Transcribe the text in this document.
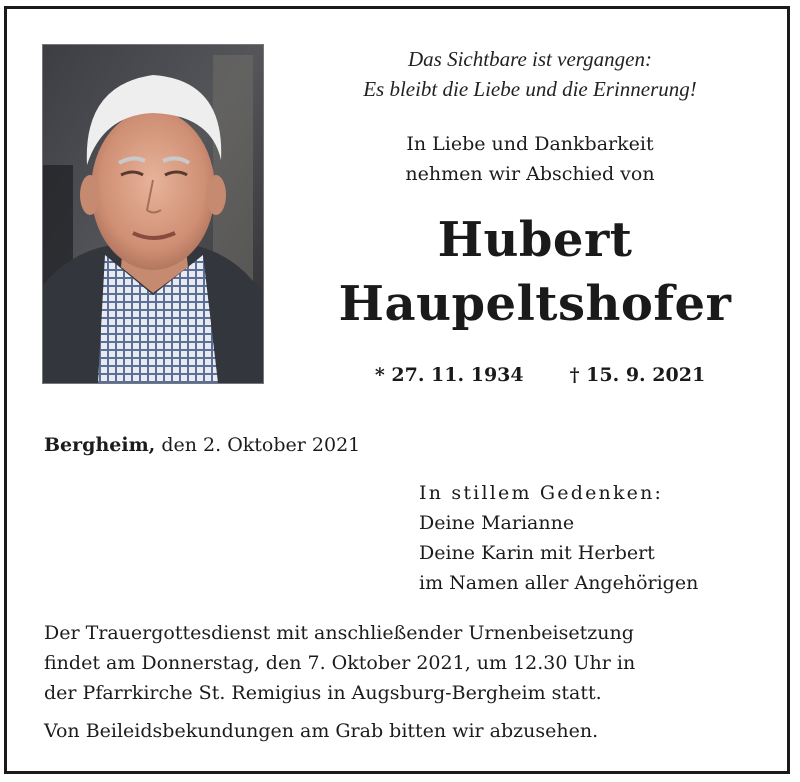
Das Sichtbare ist vergangen:
Es bleibt die Liebe und die Erinnerung!
In Liebe und Dankbarkeit
nehmen wir Abschied von
Hubert
Haupeltshofer
* 27. 11. 1934 † 15. 9. 2021
Bergheim, den 2. Oktober 2021
In stillem Gedenken:
Deine Marianne
Deine Karin mit Herbert
im Namen aller Angehörigen
Der Trauergottesdienst mit anschließender Urnenbeisetzung
findet am Donnerstag, den 7. Oktober 2021, um 12.30 Uhr in
der Pfarrkirche St. Remigius in Augsburg-Bergheim statt.
Von Beileidsbekundungen am Grab bitten wir abzusehen.
